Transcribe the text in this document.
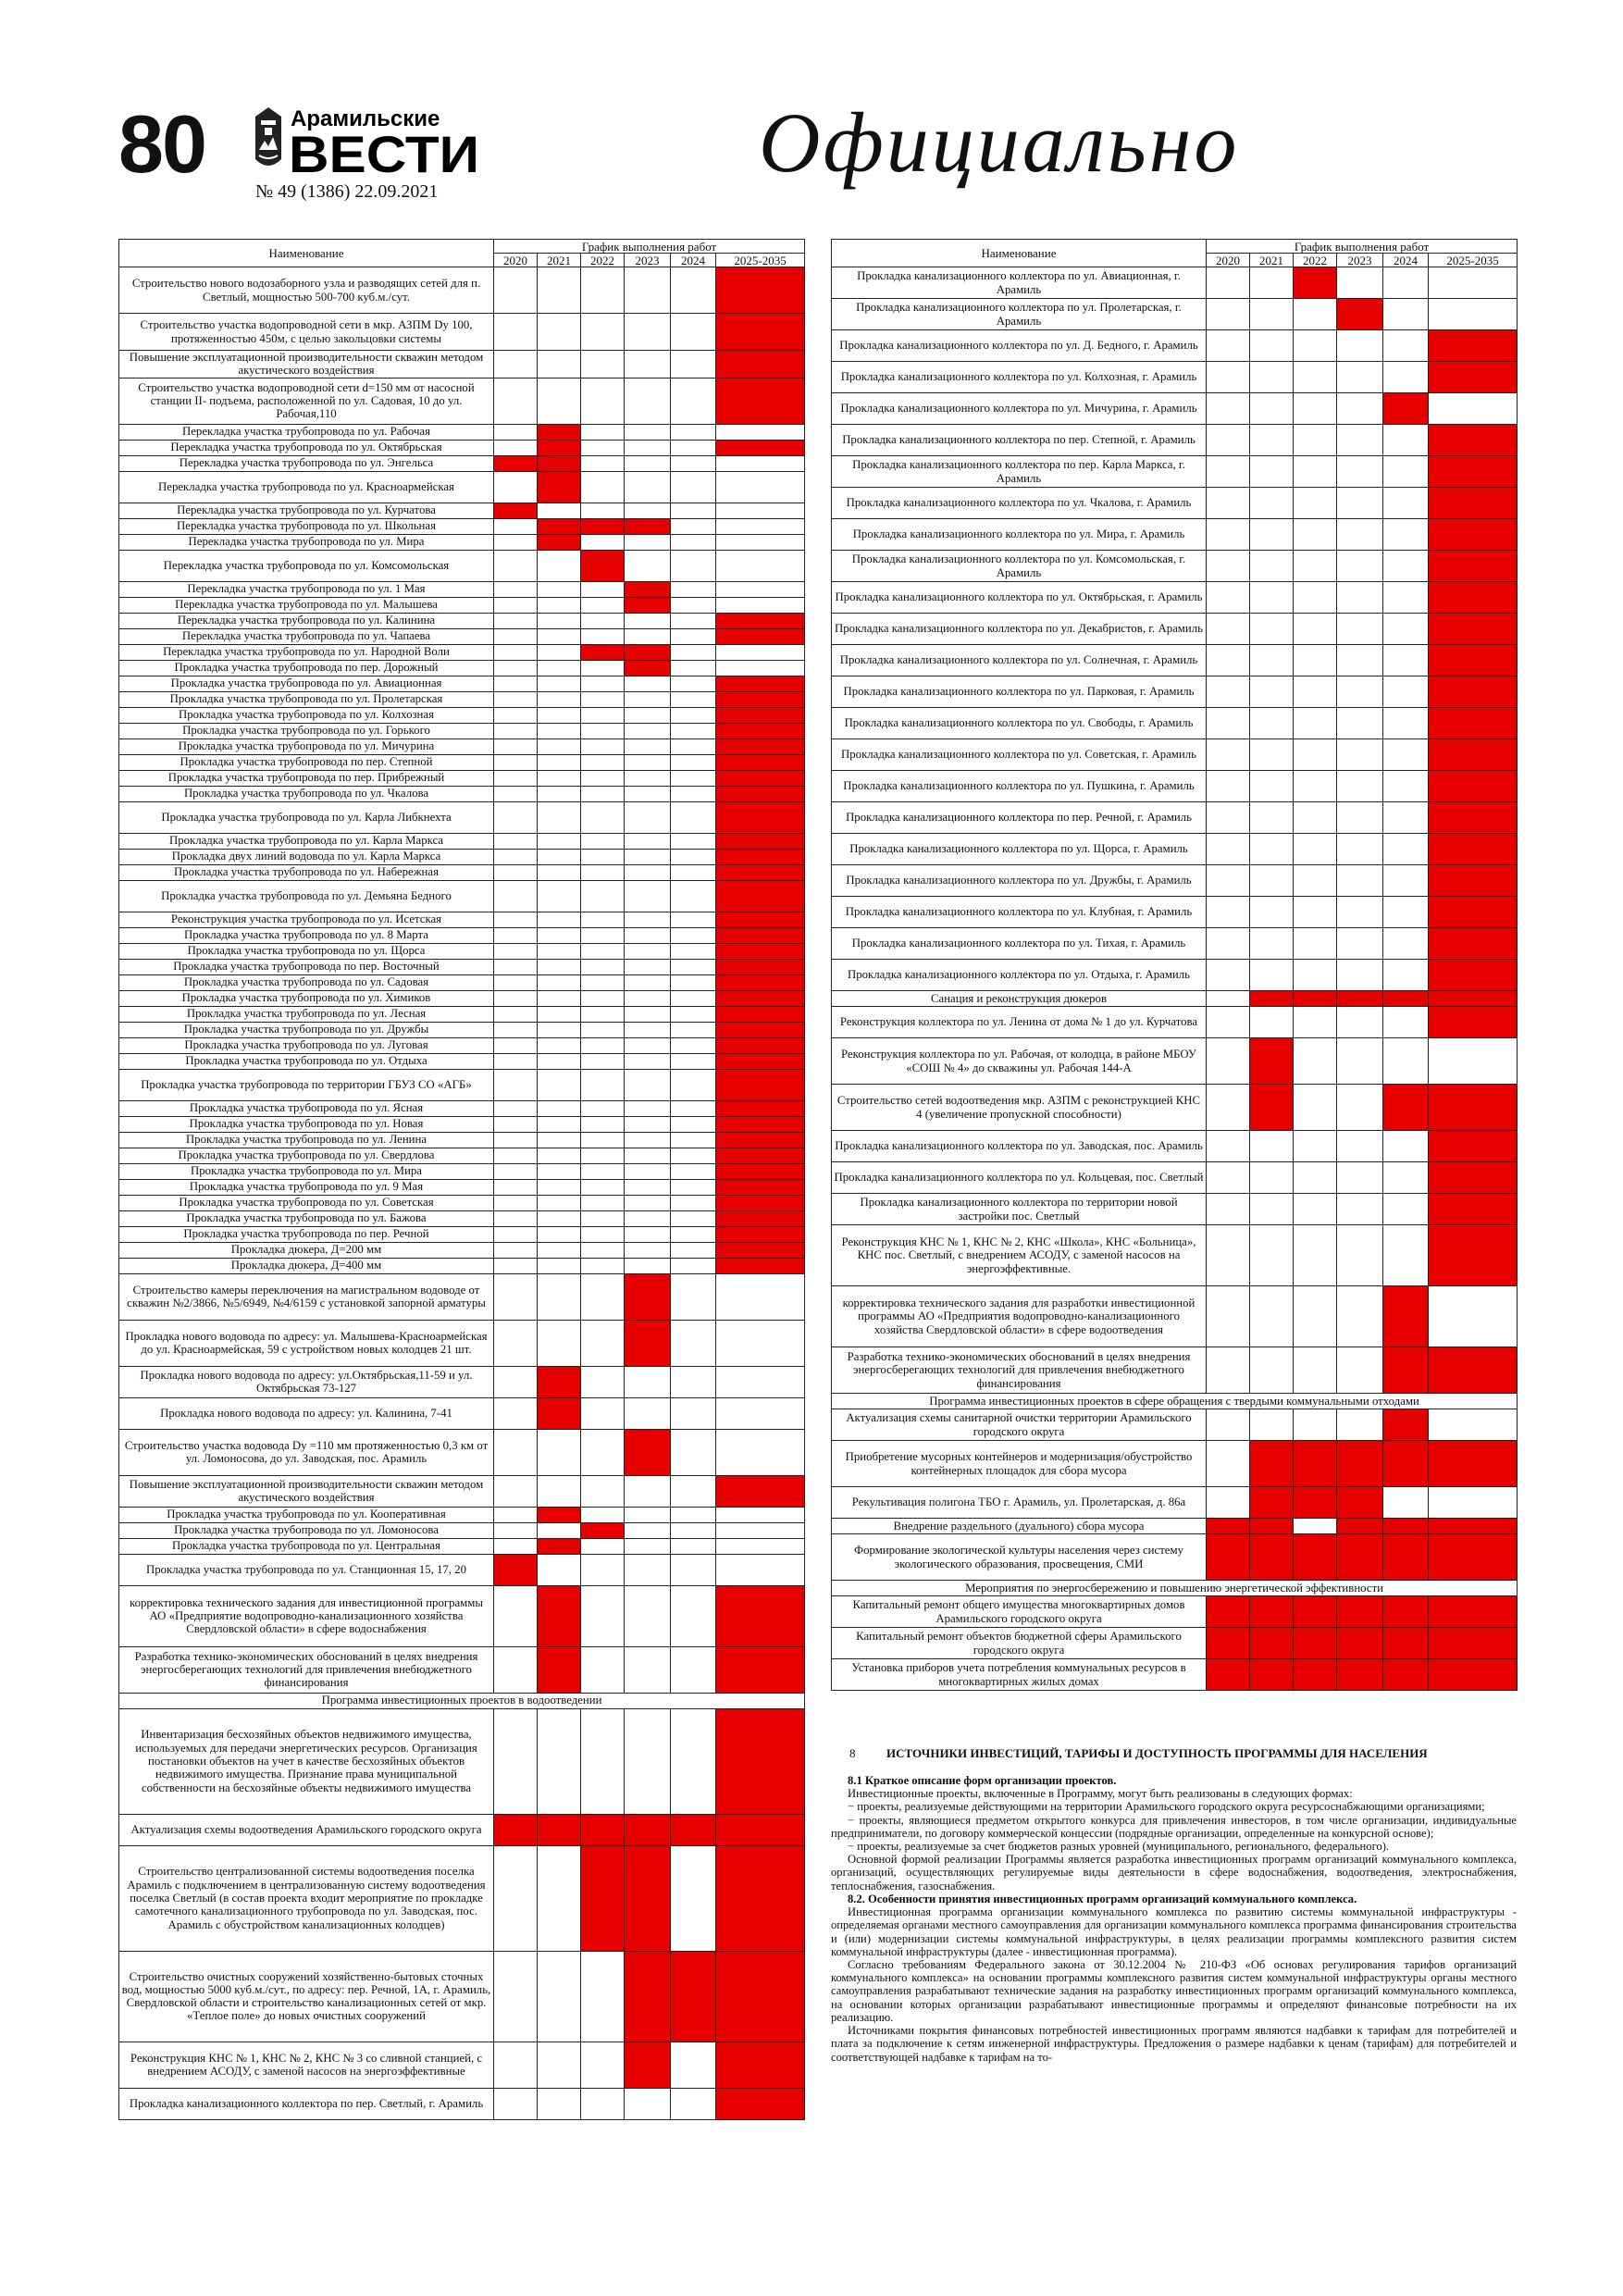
80	Арамильские
ВЕСТИ
№ 49 (1386) 22.09.2021
Официально
Наименование	График выполнения работ					
	2020	2021	2022	2023	2024	2025-2035
Строительство нового водозаборного узла и разводящих сетей для п. Светлый, мощностью 500-700 куб.м./сут.						
Строительство участка водопроводной сети в мкр. АЗПМ Dy 100, протяженностью 450м, с целью закольцовки системы						
Повышение эксплуатационной производительности скважин методом акустического воздействия						
Строительство участка водопроводной сети d=150 мм от насосной станции II- подъема, расположенной по ул. Садовая, 10 до ул. Рабочая,110						
Перекладка участка трубопровода по ул. Рабочая						
Перекладка участка трубопровода по ул. Октябрьская						
Перекладка участка трубопровода по ул. Энгельса						
Перекладка участка трубопровода по ул. Красноармейская						
Перекладка участка трубопровода по ул. Курчатова						
Перекладка участка трубопровода по ул. Школьная						
Перекладка участка трубопровода по ул. Мира						
Перекладка участка трубопровода по ул. Комсомольская						
Перекладка участка трубопровода по ул. 1 Мая						
Перекладка участка трубопровода по ул. Малышева						
Перекладка участка трубопровода по ул. Калинина						
Перекладка участка трубопровода по ул. Чапаева						
Перекладка участка трубопровода по ул. Народной Воли						
Прокладка участка трубопровода по пер. Дорожный						
Прокладка участка трубопровода по ул. Авиационная						
Прокладка участка трубопровода по ул. Пролетарская						
Прокладка участка трубопровода по ул. Колхозная						
Прокладка участка трубопровода по ул. Горького						
Прокладка участка трубопровода по ул. Мичурина						
Прокладка участка трубопровода по пер. Степной						
Прокладка участка трубопровода по пер. Прибрежный						
Прокладка участка трубопровода по ул. Чкалова						
Прокладка участка трубопровода по ул. Карла Либкнехта						
Прокладка участка трубопровода по ул. Карла Маркса						
Прокладка двух линий водовода по ул. Карла Маркса						
Прокладка участка трубопровода по ул. Набережная						
Прокладка участка трубопровода по ул. Демьяна Бедного						
Реконструкция участка трубопровода по ул. Исетская						
Прокладка участка трубопровода по ул. 8 Марта						
Прокладка участка трубопровода по ул. Щорса						
Прокладка участка трубопровода по пер. Восточный						
Прокладка участка трубопровода по ул. Садовая						
Прокладка участка трубопровода по ул. Химиков						
Прокладка участка трубопровода по ул. Лесная						
Прокладка участка трубопровода по ул. Дружбы						
Прокладка участка трубопровода по ул. Луговая						
Прокладка участка трубопровода по ул. Отдыха						
Прокладка участка трубопровода по территории ГБУЗ СО «АГБ»						
Прокладка участка трубопровода по ул. Ясная						
Прокладка участка трубопровода по ул. Новая						
Прокладка участка трубопровода по ул. Ленина						
Прокладка участка трубопровода по ул. Свердлова						
Прокладка участка трубопровода по ул. Мира						
Прокладка участка трубопровода по ул. 9 Мая						
Прокладка участка трубопровода по ул. Советская						
Прокладка участка трубопровода по ул. Бажова						
Прокладка участка трубопровода по пер. Речной						
Прокладка дюкера, Д=200 мм						
Прокладка дюкера, Д=400 мм						
Строительство камеры переключения на магистральном водоводе от скважин №2/3866, №5/6949, №4/6159 с установкой запорной арматуры						
Прокладка нового водовода по адресу: ул. Малышева-Красноармейская до ул. Красноармейская, 59 с устройством новых колодцев 21 шт.						
Прокладка нового водовода по адресу: ул.Октябрьская,11-59 и ул. Октябрьская 73-127						
Прокладка нового водовода по адресу: ул. Калинина, 7-41						
Строительство участка водовода Dy =110 мм протяженностью 0,3 км от ул. Ломоносова, до ул. Заводская, пос. Арамиль						
Повышение эксплуатационной производительности скважин методом акустического воздействия						
Прокладка участка трубопровода по ул. Кооперативная						
Прокладка участка трубопровода по ул. Ломоносова						
Прокладка участка трубопровода по ул. Центральная						
Прокладка участка трубопровода по ул. Станционная 15, 17, 20						
корректировка технического задания для инвестиционной программы АО «Предприятие водопроводно-канализационного хозяйства Свердловской области» в сфере водоснабжения						
Разработка технико-экономических обоснований в целях внедрения энергосберегающих технологий для привлечения внебюджетного финансирования						
Программа инвестиционных проектов в водоотведении						
Инвентаризация бесхозяйных объектов недвижимого имущества, используемых для передачи энергетических ресурсов. Организация постановки объектов на учет в качестве бесхозяйных объектов недвижимого имущества. Признание права муниципальной собственности на бесхозяйные объекты недвижимого имущества						
Актуализация схемы водоотведения Арамильского городского округа						
Строительство централизованной системы водоотведения поселка Арамиль с подключением в централизованную систему водоотведения поселка Светлый (в состав проекта входит мероприятие по прокладке самотечного канализационного трубопровода по ул. Заводская, пос. Арамиль с обустройством канализационных колодцев)						
Строительство очистных сооружений хозяйственно-бытовых сточных вод, мощностью 5000 куб.м./сут., по адресу: пер. Речной, 1А, г. Арамиль, Свердловской области и строительство канализационных сетей от мкр. «Теплое поле» до новых очистных сооружений						
Реконструкция КНС № 1, КНС № 2, КНС № 3 со сливной станцией, с внедрением АСОДУ, с заменой насосов на энергоэффективные						
Прокладка канализационного коллектора по пер. Светлый, г. Арамиль						
Наименование	График выполнения работ					
	2020	2021	2022	2023	2024	2025-2035
Прокладка канализационного коллектора по ул. Авиационная, г. Арамиль						
Прокладка канализационного коллектора по ул. Пролетарская, г. Арамиль						
Прокладка канализационного коллектора по ул. Д. Бедного, г. Арамиль						
Прокладка канализационного коллектора по ул. Колхозная, г. Арамиль						
Прокладка канализационного коллектора по ул. Мичурина, г. Арамиль						
Прокладка канализационного коллектора по пер. Степной, г. Арамиль						
Прокладка канализационного коллектора по пер. Карла Маркса, г. Арамиль						
Прокладка канализационного коллектора по ул. Чкалова, г. Арамиль						
Прокладка канализационного коллектора по ул. Мира, г. Арамиль						
Прокладка канализационного коллектора по ул. Комсомольская, г. Арамиль						
Прокладка канализационного коллектора по ул. Октябрьская, г. Арамиль						
Прокладка канализационного коллектора по ул. Декабристов, г. Арамиль						
Прокладка канализационного коллектора по ул. Солнечная, г. Арамиль						
Прокладка канализационного коллектора по ул. Парковая, г. Арамиль						
Прокладка канализационного коллектора по ул. Свободы, г. Арамиль						
Прокладка канализационного коллектора по ул. Советская, г. Арамиль						
Прокладка канализационного коллектора по ул. Пушкина, г. Арамиль						
Прокладка канализационного коллектора по пер. Речной, г. Арамиль						
Прокладка канализационного коллектора по ул. Щорса, г. Арамиль						
Прокладка канализационного коллектора по ул. Дружбы, г. Арамиль						
Прокладка канализационного коллектора по ул. Клубная, г. Арамиль						
Прокладка канализационного коллектора по ул. Тихая, г. Арамиль						
Прокладка канализационного коллектора по ул. Отдыха, г. Арамиль						
Санация и реконструкция дюкеров						
Реконструкция коллектора по ул. Ленина от дома № 1 до ул. Курчатова						
Реконструкция коллектора по ул. Рабочая, от колодца, в районе МБОУ «СОШ № 4» до скважины ул. Рабочая 144-А						
Строительство сетей водоотведения мкр. АЗПМ с реконструкцией КНС 4 (увеличение пропускной способности)						
Прокладка канализационного коллектора по ул. Заводская, пос. Арамиль						
Прокладка канализационного коллектора по ул. Кольцевая, пос. Светлый						
Прокладка канализационного коллектора по территории новой застройки пос. Светлый						
Реконструкция КНС № 1, КНС № 2, КНС «Школа», КНС «Больница», КНС пос. Светлый, с внедрением АСОДУ, с заменой насосов на энергоэффективные.						
корректировка технического задания для разработки инвестиционной программы АО «Предприятия водопроводно-канализационного хозяйства Свердловской области» в сфере водоотведения						
Разработка технико-экономических обоснований в целях внедрения энергосберегающих технологий для привлечения внебюджетного финансирования						
Программа инвестиционных проектов в сфере обращения с твердыми коммунальными отходами						
Актуализация схемы санитарной очистки территории Арамильского городского округа						
Приобретение мусорных контейнеров и модернизация/обустройство контейнерных площадок для сбора мусора						
Рекультивация полигона ТБО г. Арамиль, ул. Пролетарская, д. 86а						
Внедрение раздельного (дуального) сбора мусора						
Формирование экологической культуры населения через систему экологического образования, просвещения, СМИ						
Мероприятия по энергосбережению и повышению энергетической эффективности						
Капитальный ремонт общего имущества многоквартирных домов Арамильского городского округа						
Капитальный ремонт объектов бюджетной сферы Арамильского городского округа						
Установка приборов учета потребления коммунальных ресурсов в многоквартирных жилых домах						

8	ИСТОЧНИКИ ИНВЕСТИЦИЙ, ТАРИФЫ И ДОСТУПНОСТЬ ПРОГРАММЫ ДЛЯ НАСЕЛЕНИЯ

8.1 Краткое описание форм организации проектов.

Инвестиционные проекты, включенные в Программу, могут быть реализованы в следующих формах:

− проекты, реализуемые действующими на территории Арамильского городского округа ресурсоснабжающими организациями;

− проекты, являющиеся предметом открытого конкурса для привлечения инвесторов, в том числе организации, индивидуальные предприниматели, по договору коммерческой концессии (подрядные организации, определенные на конкурсной основе);

− проекты, реализуемые за счет бюджетов разных уровней (муниципального, регионального, федерального).

Основной формой реализации Программы является разработка инвестиционных программ организаций коммунального комплекса, организаций, осуществляющих регулируемые виды деятельности в сфере водоснабжения, водоотведения, электроснабжения, теплоснабжения, газоснабжения.

8.2. Особенности принятия инвестиционных программ организаций коммунального комплекса.

Инвестиционная программа организации коммунального комплекса по развитию системы коммунальной инфраструктуры - определяемая органами местного самоуправления для организации коммунального комплекса программа финансирования строительства и (или) модернизации системы коммунальной инфраструктуры, в целях реализации программы комплексного развития систем коммунальной инфраструктуры (далее - инвестиционная программа).

Согласно требованиям Федерального закона от 30.12.2004 № 210-ФЗ «Об основах регулирования тарифов организаций коммунального комплекса» на основании программы комплексного развития систем коммунальной инфраструктуры органы местного самоуправления разрабатывают технические задания на разработку инвестиционных программ организаций коммунального комплекса, на основании которых организации разрабатывают инвестиционные программы и определяют финансовые потребности на их реализацию.

Источниками покрытия финансовых потребностей инвестиционных программ являются надбавки к тарифам для потребителей и плата за подключение к сетям инженерной инфраструктуры. Предложения о размере надбавки к ценам (тарифам) для потребителей и соответствующей надбавке к тарифам на то-
